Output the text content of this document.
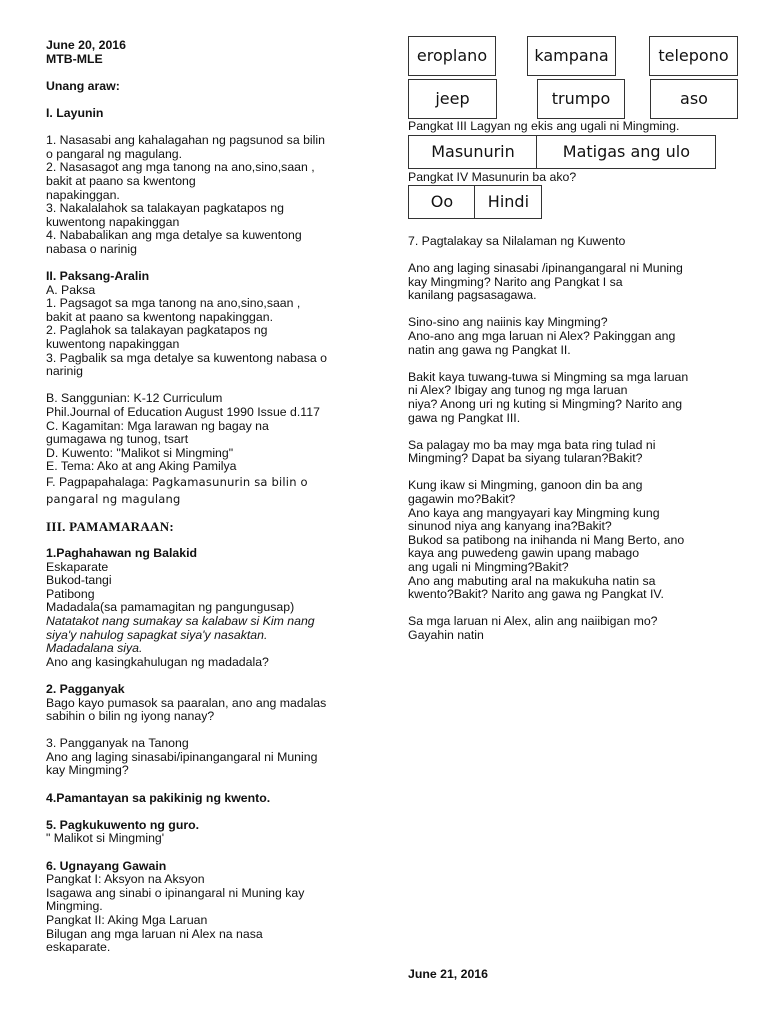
June 20, 2016

MTB-MLE

Unang araw:

I. Layunin

1. Nasasabi ang kahalagahan ng pagsunod sa bilin
o pangaral ng magulang.
2. Nasasagot ang mga tanong na ano,sino,saan ,
bakit at paano sa kwentong
napakinggan.
3. Nakalalahok sa talakayan pagkatapos ng
kuwentong napakinggan
4. Nababalikan ang mga detalye sa kuwentong
nabasa o narinig

II. Paksang-Aralin

A. Paksa

1. Pagsagot sa mga tanong na ano,sino,saan ,
bakit at paano sa kwentong napakinggan.
2. Paglahok sa talakayan pagkatapos ng
kuwentong napakinggan
3. Pagbalik sa mga detalye sa kuwentong nabasa o
narinig

B. Sanggunian: K-12 Curriculum
Phil.Journal of Education August 1990 Issue d.117
C. Kagamitan: Mga larawan ng bagay na
gumagawa ng tunog, tsart
D. Kuwento: "Malikot si Mingming"
E. Tema: Ako at ang Aking Pamilya

F. Pagpapahalaga: Pagkamasunurin sa bilin o

pangaral ng magulang

III. PAMAMARAAN:

1.Paghahawan ng Balakid

Eskaparate
Bukod-tangi
Patibong
Madadala(sa pamamagitan ng pangungusap)

Natatakot nang sumakay sa kalabaw si Kim nang
siya'y nahulog sapagkat siya'y nasaktan.
Madadalana siya.

Ano ang kasingkahulugan ng madadala?

2. Pagganyak

Bago kayo pumasok sa paaralan, ano ang madalas
sabihin o bilin ng iyong nanay?

3. Pangganyak na Tanong
Ano ang laging sinasabi/ipinangangaral ni Muning
kay Mingming?

4.Pamantayan sa pakikinig ng kwento.

5. Pagkukuwento ng guro.

" Malikot si Mingming'

6. Ugnayang Gawain

Pangkat I: Aksyon na Aksyon
Isagawa ang sinabi o ipinangaral ni Muning kay
Mingming.
Pangkat II: Aking Mga Laruan
Bilugan ang mga laruan ni Alex na nasa
eskaparate.

eroplano	kampana	telepono
jeep	trumpo	aso

Pangkat III Lagyan ng ekis ang ugali ni Mingming.

Masunurin	Matigas ang ulo

Pangkat IV Masunurin ba ako?

Oo	Hindi

7. Pagtalakay sa Nilalaman ng Kuwento

Ano ang laging sinasabi /ipinangangaral ni Muning
kay Mingming? Narito ang Pangkat I sa
kanilang pagsasagawa.

Sino-sino ang naiinis kay Mingming?
Ano-ano ang mga laruan ni Alex? Pakinggan ang
natin ang gawa ng Pangkat II.

Bakit kaya tuwang-tuwa si Mingming sa mga laruan
ni Alex? Ibigay ang tunog ng mga laruan
niya? Anong uri ng kuting si Mingming? Narito ang
gawa ng Pangkat III.

Sa palagay mo ba may mga bata ring tulad ni
Mingming? Dapat ba siyang tularan?Bakit?

Kung ikaw si Mingming, ganoon din ba ang
gagawin mo?Bakit?
Ano kaya ang mangyayari kay Mingming kung
sinunod niya ang kanyang ina?Bakit?
Bukod sa patibong na inihanda ni Mang Berto, ano
kaya ang puwedeng gawin upang mabago
ang ugali ni Mingming?Bakit?
Ano ang mabuting aral na makukuha natin sa
kwento?Bakit? Narito ang gawa ng Pangkat IV.

Sa mga laruan ni Alex, alin ang naiibigan mo?
Gayahin natin

June 21, 2016
